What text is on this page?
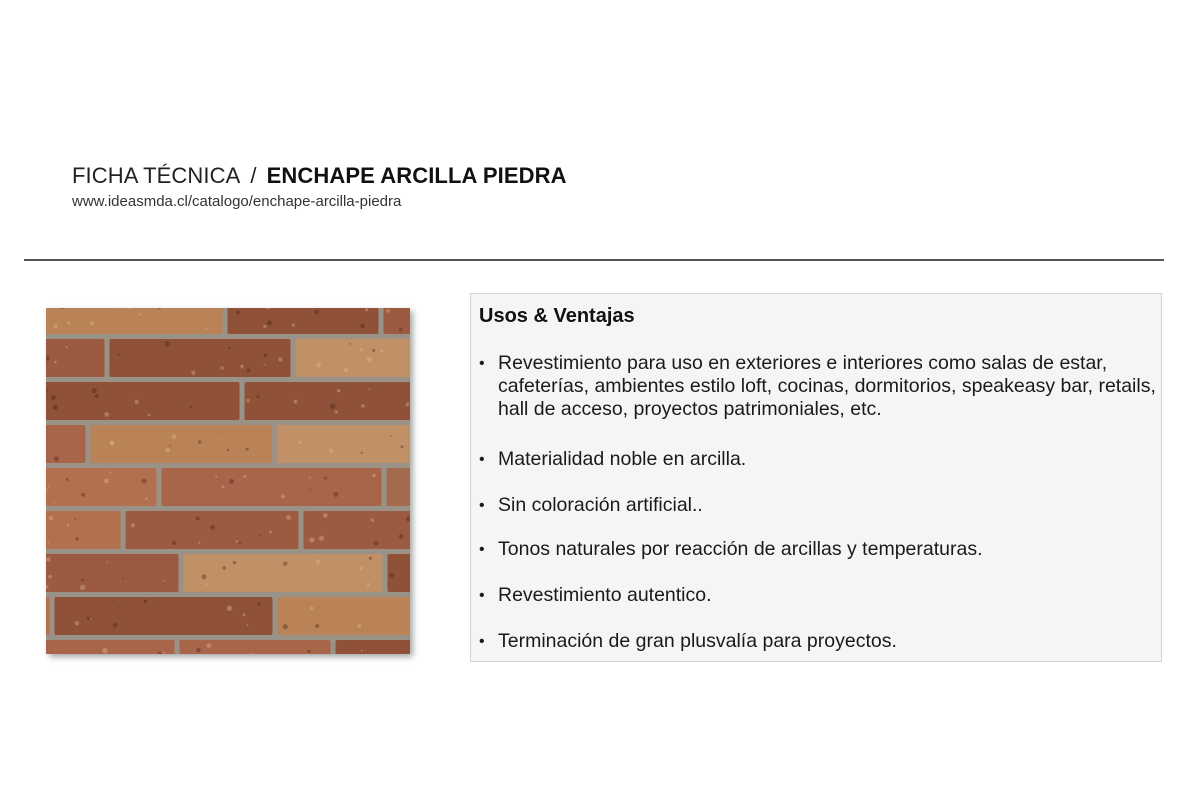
FICHA TÉCNICA / ENCHAPE ARCILLA PIEDRA
www.ideasmda.cl/catalogo/enchape-arcilla-piedra
Usos & Ventajas
• Revestimiento para uso en exteriores e interiores como salas de estar, cafeterías, ambientes estilo loft, cocinas, dormitorios, speakeasy bar, retails, hall de acceso, proyectos patrimoniales, etc.
• Materialidad noble en arcilla.
• Sin coloración artificial..
• Tonos naturales por reacción de arcillas y temperaturas.
• Revestimiento autentico.
• Terminación de gran plusvalía para proyectos.
